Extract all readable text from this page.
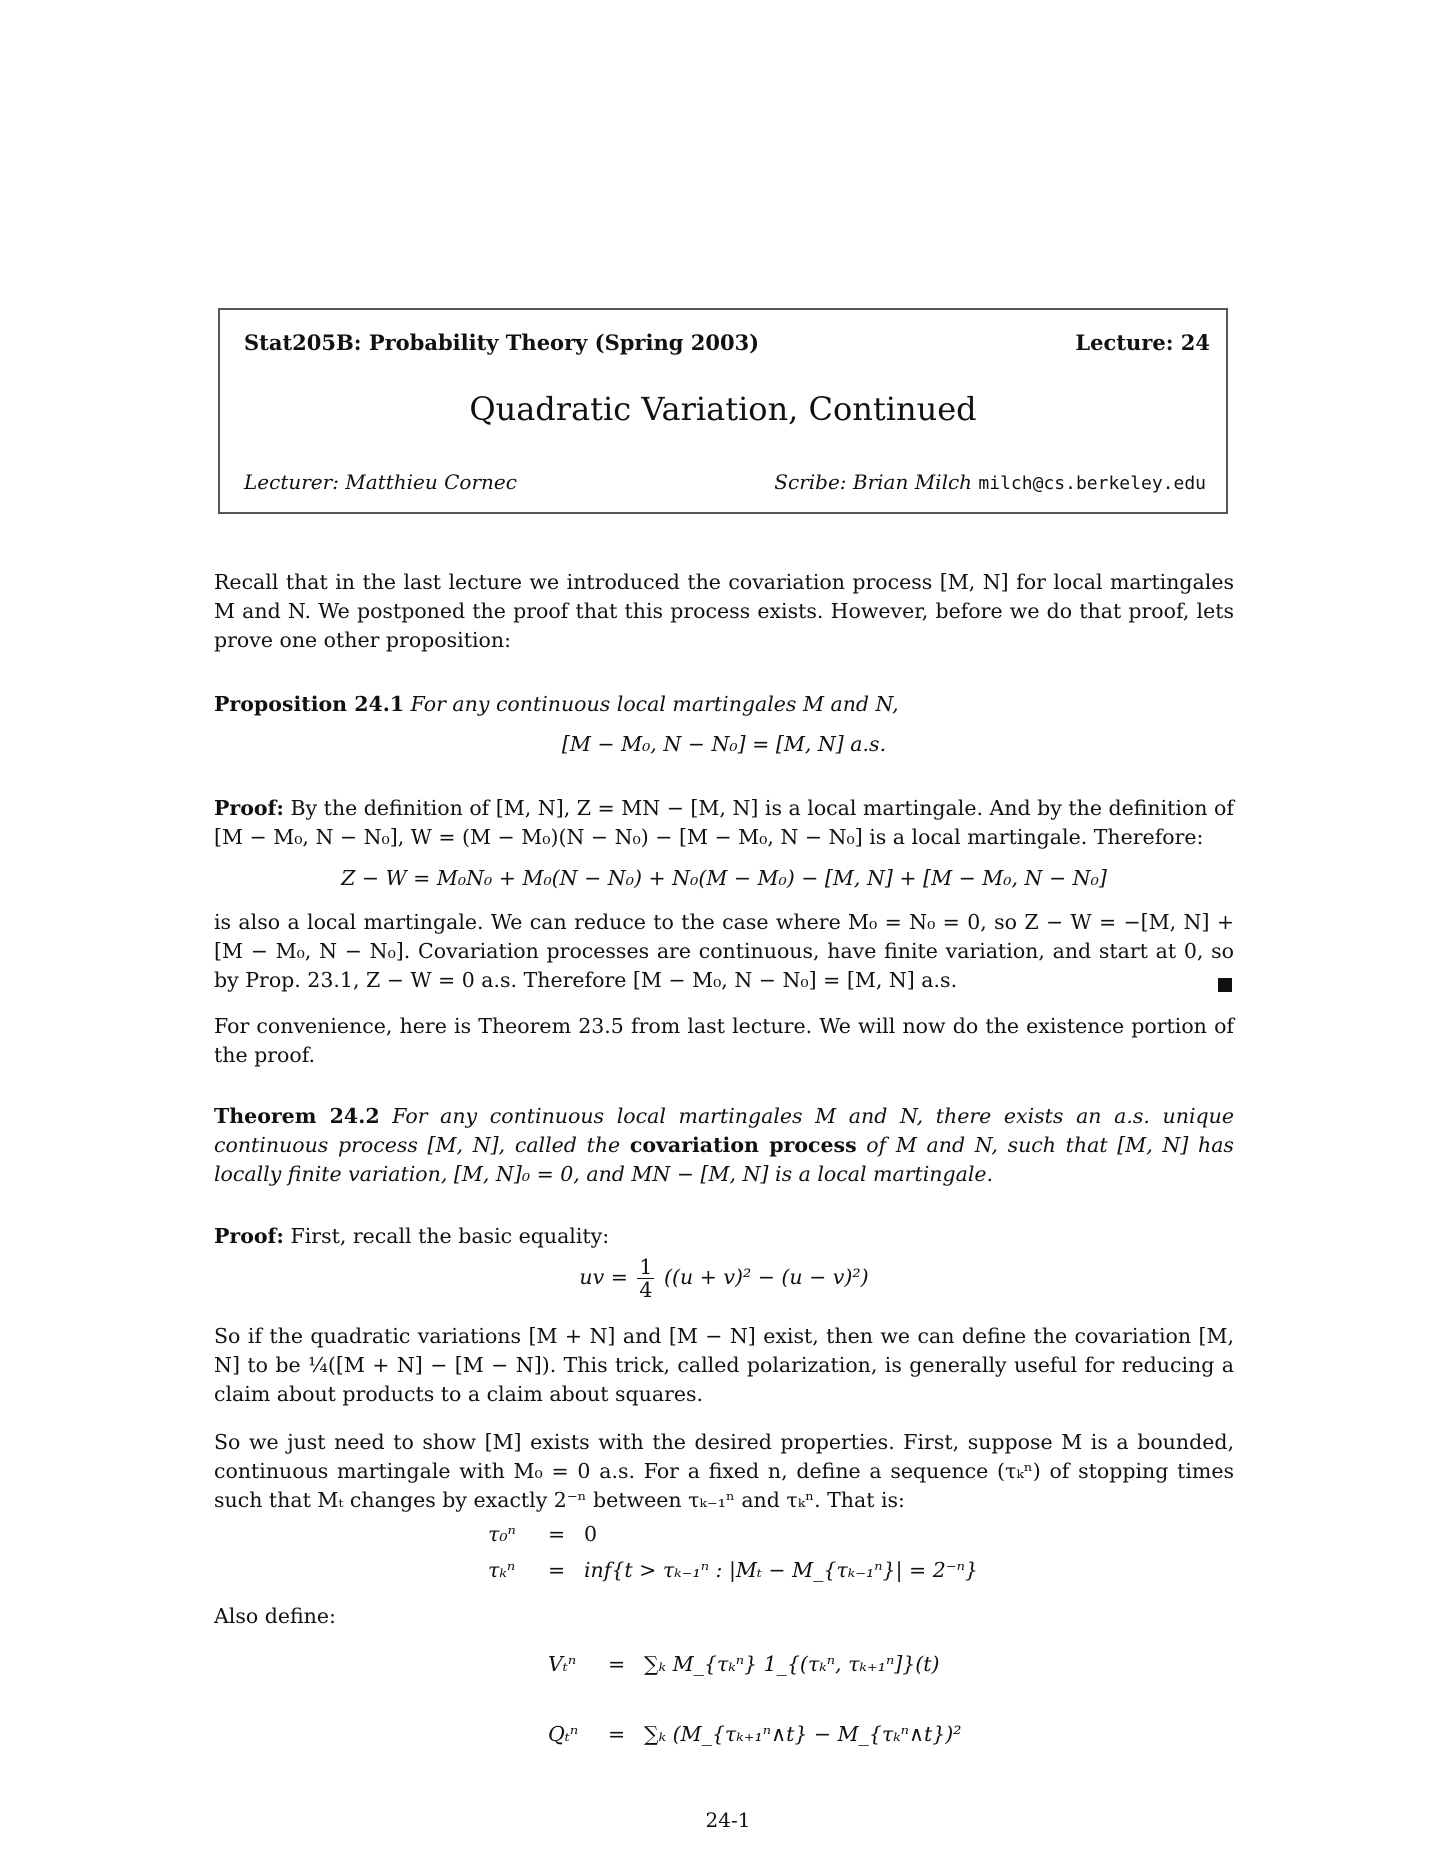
Stat205B: Probability Theory (Spring 2003)	Lecture: 24
Quadratic Variation, Continued
Lecturer: Matthieu Cornec	Scribe: Brian Milch milch@cs.berkeley.edu

Recall that in the last lecture we introduced the covariation process [M, N] for local martingales M and N. We postponed the proof that this process exists. However, before we do that proof, lets prove one other proposition:

Proposition 24.1 For any continuous local martingales M and N,

[M − M₀, N − N₀] = [M, N] a.s.

Proof: By the definition of [M, N], Z = MN − [M, N] is a local martingale. And by the definition of [M − M₀, N − N₀], W = (M − M₀)(N − N₀) − [M − M₀, N − N₀] is a local martingale. Therefore:

Z − W = M₀N₀ + M₀(N − N₀) + N₀(M − M₀) − [M, N] + [M − M₀, N − N₀]

is also a local martingale. We can reduce to the case where M₀ = N₀ = 0, so Z − W = −[M, N] + [M − M₀, N − N₀]. Covariation processes are continuous, have finite variation, and start at 0, so by Prop. 23.1, Z − W = 0 a.s. Therefore [M − M₀, N − N₀] = [M, N] a.s.

For convenience, here is Theorem 23.5 from last lecture. We will now do the existence portion of the proof.

Theorem 24.2 For any continuous local martingales M and N, there exists an a.s. unique continuous process [M, N], called the covariation process of M and N, such that [M, N] has locally finite variation, [M, N]₀ = 0, and MN − [M, N] is a local martingale.

Proof: First, recall the basic equality:

uv = $\frac{1}{4} ((u + v)^2 - (u - v)^2)$

So if the quadratic variations [M + N] and [M − N] exist, then we can define the covariation [M, N] to be ¼([M + N] − [M − N]). This trick, called polarization, is generally useful for reducing a claim about products to a claim about squares.

So we just need to show [M] exists with the desired properties. First, suppose M is a bounded, continuous martingale with M₀ = 0 a.s. For a fixed n, define a sequence (τₖⁿ) of stopping times such that Mₜ changes by exactly 2⁻ⁿ between τₖ₋₁ⁿ and τₖⁿ. That is:

τ₀ⁿ = 0
τₖⁿ = inf{t > τₖ₋₁ⁿ : |Mₜ − M_{τₖ₋₁ⁿ}| = 2⁻ⁿ}

Also define:

Vₜⁿ = ∑ₖ M_{τₖⁿ} 1_{(τₖⁿ, τₖ₊₁ⁿ]}(t)
Qₜⁿ = ∑ₖ (M_{τₖ₊₁ⁿ∧t} − M_{τₖⁿ∧t})²
24-1
